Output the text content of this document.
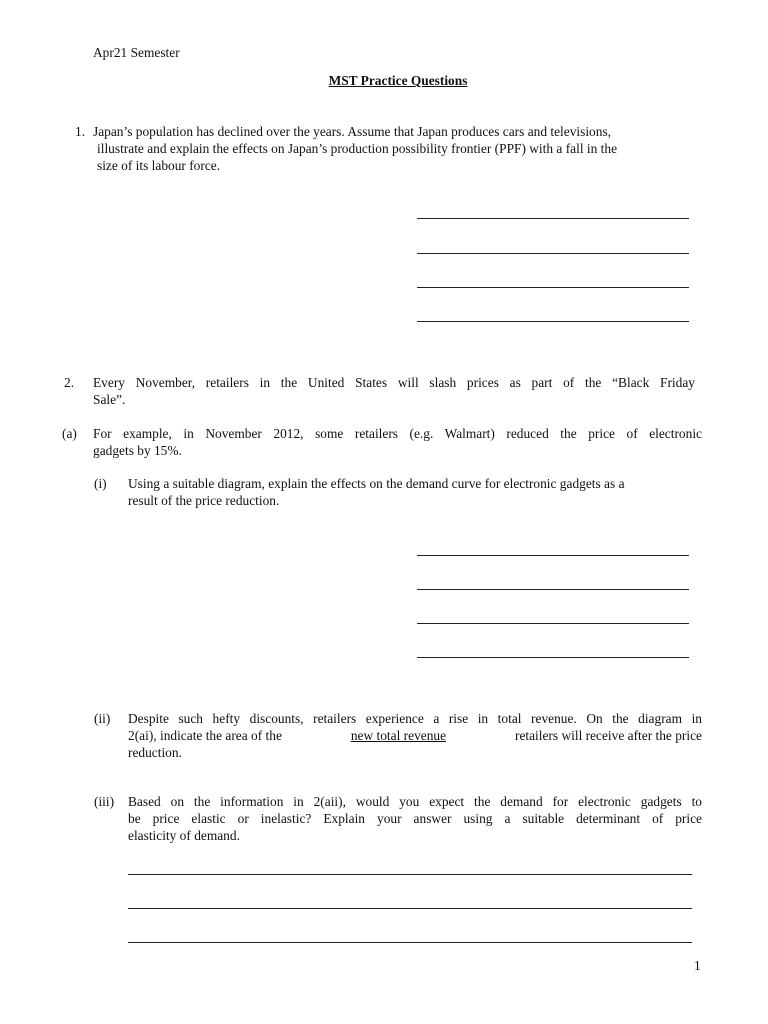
Apr21 Semester
MST Practice Questions
1. Japan’s population has declined over the years. Assume that Japan produces cars and televisions,
illustrate and explain the effects on Japan’s production possibility frontier (PPF) with a fall in the
size of its labour force.
2. Every November, retailers in the United States will slash prices as part of the “Black Friday
Sale”.
(a) For example, in November 2012, some retailers (e.g. Walmart) reduced the price of electronic
gadgets by 15%.
(i) Using a suitable diagram, explain the effects on the demand curve for electronic gadgets as a
result of the price reduction.
(ii) Despite such hefty discounts, retailers experience a rise in total revenue. On the diagram in
2(ai), indicate the area of the	new total revenue	retailers will receive after the price
reduction.
(iii) Based on the information in 2(aii), would you expect the demand for electronic gadgets to
be price elastic or inelastic? Explain your answer using a suitable determinant of price
elasticity of demand.
1
